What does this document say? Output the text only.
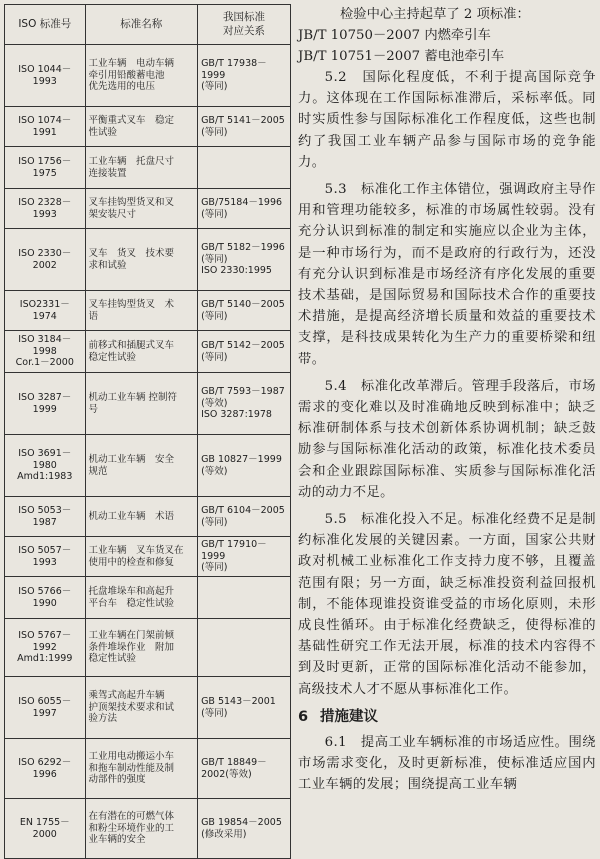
ISO 标准号	标准名称	我国标准
对应关系

ISO 1044－1993	工业车辆　电动车辆
牵引用铅酸蓄电池
优先选用的电压	GB/T 17938－1999
(等同)

ISO 1074－1991	平衡重式叉车　稳定
性试验	GB/T 5141－2005
(等同)

ISO 1756－1975	工业车辆　托盘尺寸
连接装置	

ISO 2328－1993	叉车挂钩型货叉和叉
架安装尺寸	GB/75184－1996
(等同)

ISO 2330－2002	叉车　货叉　技术要
求和试验	GB/T 5182－1996
(等同)
ISO 2330:1995

ISO2331－1974	叉车挂钩型货叉　术
语	GB/T 5140－2005
(等同)

ISO 3184－1998
Cor.1－2000	前移式和插腿式叉车
稳定性试验	GB/T 5142－2005
(等同)

ISO 3287－1999	机动工业车辆 控制符
号	GB/T 7593－1987
(等效)
ISO 3287:1978

ISO 3691－1980
Amd1:1983	机动工业车辆　安全
规范	GB 10827－1999
(等效)

ISO 5053－1987	机动工业车辆　术语	GB/T 6104－2005
(等同)

ISO 5057－1993	工业车辆　叉车货叉在
使用中的检查和修复	GB/T 17910－1999
(等同)

ISO 5766－1990	托盘堆垛车和高起升
平台车　稳定性试验	

ISO 5767－1992
Amd1:1999	工业车辆在门架前倾
条件堆垛作业　附加
稳定性试验	

ISO 6055－1997	乘驾式高起升车辆
护顶架技术要求和试
验方法	GB 5143－2001
(等同)

ISO 6292－1996	工业用电动搬运小车
和拖车制动性能及制
动部件的强度	GB/T 18849－
2002(等效)

EN 1755－2000	在有潜在的可燃气体
和粉尘环境作业的工
业车辆的安全	GB 19854－2005
(修改采用)
检验中心主持起草了 2 项标准：
JB/T 10750－2007 内燃牵引车
JB/T 10751－2007 蓄电池牵引车

5.2　国际化程度低，不利于提高国际竞争力。这体现在工作国际标准滞后，采标率低。同时实质性参与国际标准化工作程度低，这些也制约了我国工业车辆产品参与国际市场的竞争能力。

5.3　标准化工作主体错位，强调政府主导作用和管理功能较多，标准的市场属性较弱。没有充分认识到标准的制定和实施应以企业为主体，是一种市场行为，而不是政府的行政行为，还没有充分认识到标准是市场经济有序化发展的重要技术基础，是国际贸易和国际技术合作的重要技术措施，是提高经济增长质量和效益的重要技术支撑，是科技成果转化为生产力的重要桥梁和纽带。

5.4　标准化改革滞后。管理手段落后，市场需求的变化难以及时准确地反映到标准中；缺乏标准研制体系与技术创新体系协调机制；缺乏鼓励参与国际标准化活动的政策，标准化技术委员会和企业跟踪国际标准、实质参与国际标准化活动的动力不足。

5.5　标准化投入不足。标准化经费不足是制约标准化发展的关键因素。一方面，国家公共财政对机械工业标准化工作支持力度不够，且覆盖范围有限；另一方面，缺乏标准投资利益回报机制，不能体现谁投资谁受益的市场化原则，未形成良性循环。由于标准化经费缺乏，使得标准的基础性研究工作无法开展，标准的技术内容得不到及时更新，正常的国际标准化活动不能参加，高级技术人才不愿从事标准化工作。

6 措施建议

6.1　提高工业车辆标准的市场适应性。围绕市场需求变化，及时更新标准，使标准适应国内工业车辆的发展；围绕提高工业车辆
